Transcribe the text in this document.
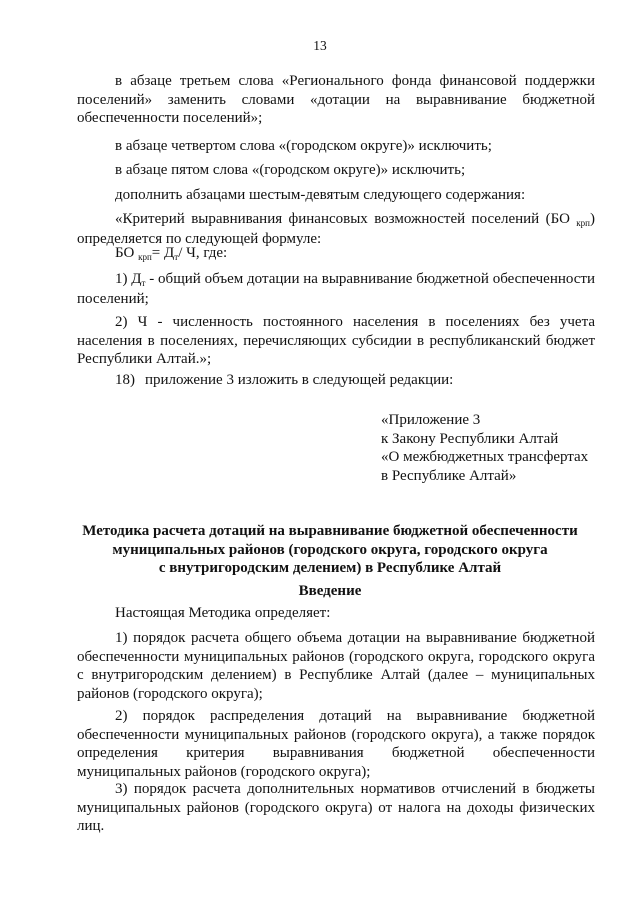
13
в абзаце третьем слова «Регионального фонда финансовой поддержки поселений» заменить словами «дотации на выравнивание бюджетной обеспеченности поселений»;
в абзаце четвертом слова «(городском округе)» исключить;
в абзаце пятом слова «(городском округе)» исключить;
дополнить абзацами шестым-девятым следующего содержания:
«Критерий выравнивания финансовых возможностей поселений (БО $_{крп}$) определяется по следующей формуле:
БО $_{крп}= Д_т/$ Ч, где:
1) $Д_т$ - общий объем дотации на выравнивание бюджетной обеспеченности поселений;
2) Ч - численность постоянного населения в поселениях без учета населения в поселениях, перечисляющих субсидии в республиканский бюджет Республики Алтай.»;
18) приложение 3 изложить в следующей редакции:
«Приложение 3
к Закону Республики Алтай
«О межбюджетных трансфертах
в Республике Алтай»
Методика расчета дотаций на выравнивание бюджетной обеспеченности
муниципальных районов (городского округа, городского округа
с внутригородским делением) в Республике Алтай
Введение
Настоящая Методика определяет:
1) порядок расчета общего объема дотации на выравнивание бюджетной обеспеченности муниципальных районов (городского округа, городского округа с внутригородским делением) в Республике Алтай (далее – муниципальных районов (городского округа);
2) порядок распределения дотаций на выравнивание бюджетной обеспеченности муниципальных районов (городского округа), а также порядок определения критерия выравнивания бюджетной обеспеченности муниципальных районов (городского округа);
3) порядок расчета дополнительных нормативов отчислений в бюджеты муниципальных районов (городского округа) от налога на доходы физических лиц.
